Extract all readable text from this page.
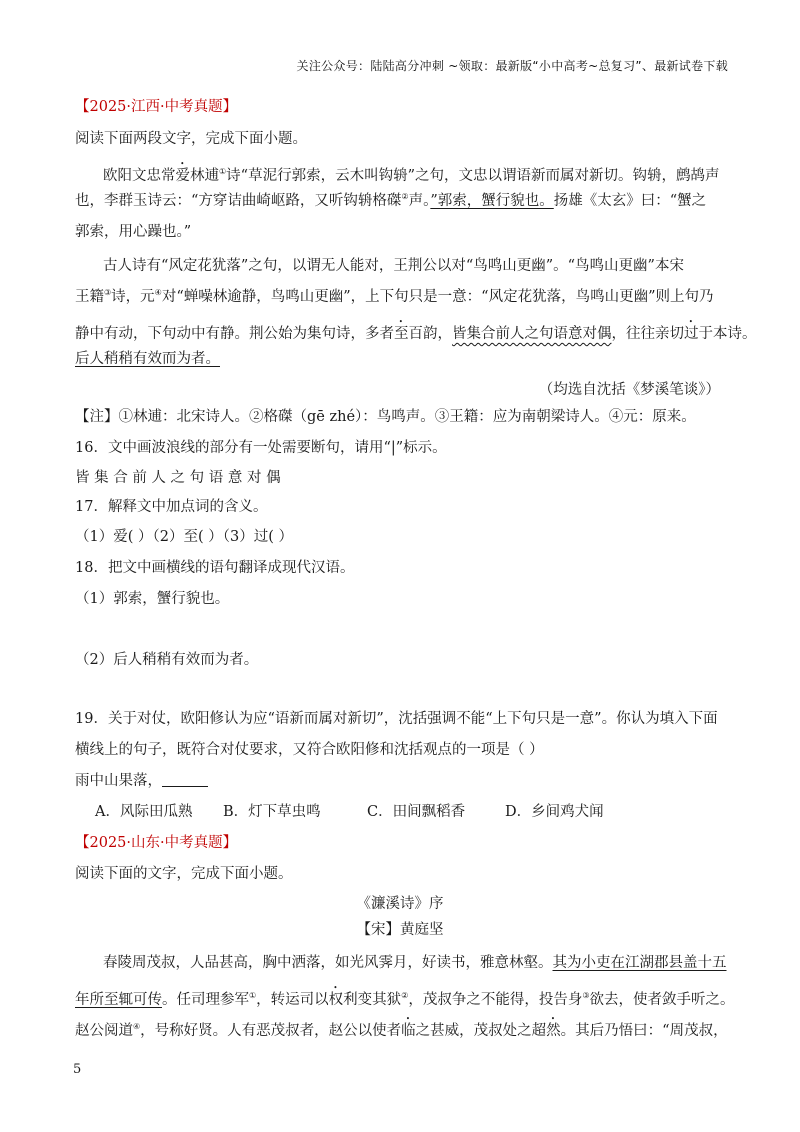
关注公众号：陆陆高分冲刺 ~领取：最新版“小中高考~总复习”、最新试卷下载
【2025·江西·中考真题】
阅读下面两段文字，完成下面小题。
欧阳文忠常爱林逋①诗“草泥行郭索，云木叫钩辀”之句，文忠以谓语新而属对新切。钩辀，鹧鸪声
也，李群玉诗云：“方穿诘曲崎岖路，又听钩辀格磔②声。”郭索，蟹行貌也。扬雄《太玄》曰：“蟹之
郭索，用心躁也。”
古人诗有“风定花犹落”之句，以谓无人能对，王荆公以对“鸟鸣山更幽”。“鸟鸣山更幽”本宋
王籍③诗，元④对“蝉噪林逾静，鸟鸣山更幽”，上下句只是一意：“风定花犹落，鸟鸣山更幽”则上句乃
静中有动，下句动中有静。荆公始为集句诗，多者至百韵，皆集合前人之句语意对偶，往往亲切过于本诗。
后人稍稍有效而为者。
（均选自沈括《梦溪笔谈》）
【注】①林逋：北宋诗人。②格磔（gē zhé）：鸟鸣声。③王籍：应为南朝梁诗人。④元：原来。
16．文中画波浪线的部分有一处需要断句，请用“|”标示。
皆 集 合 前 人 之 句 语 意 对 偶
17．解释文中加点词的含义。
（1）爱( ）（2）至( ）（3）过( ）
18．把文中画横线的语句翻译成现代汉语。
（1）郭索，蟹行貌也。
（2）后人稍稍有效而为者。
19．关于对仗，欧阳修认为应“语新而属对新切”，沈括强调不能“上下句只是一意”。你认为填入下面
横线上的句子，既符合对仗要求，又符合欧阳修和沈括观点的一项是（ ）
雨中山果落，
A．风际田瓜熟 B．灯下草虫鸣	C．田间飘稻香	D．乡间鸡犬闻
【2025·山东·中考真题】
阅读下面的文字，完成下面小题。
《濂溪诗》序
【宋】黄庭坚
春陵周茂叔，人品甚高，胸中洒落，如光风霁月，好读书，雅意林壑。其为小吏在江湖郡县盖十五
年所至辄可传。任司理参军①，转运司以权利变其狱②，茂叔争之不能得，投告身③欲去，使者敛手听之。
赵公阅道④，号称好贤。人有恶茂叔者，赵公以使者临之甚威，茂叔处之超然。其后乃悟曰：“周茂叔，
5
